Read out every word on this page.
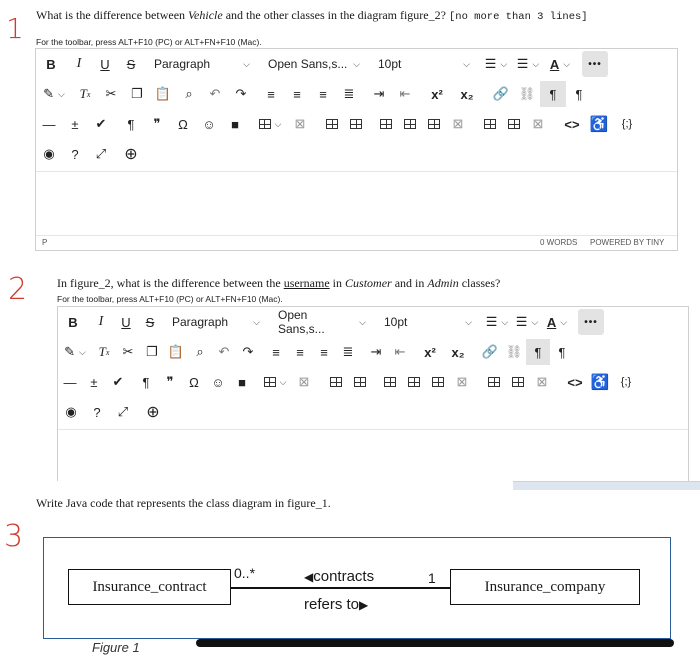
1 What is the difference between Vehicle and the other classes in the diagram figure_2? [no more than 3 lines]
For the toolbar, press ALT+F10 (PC) or ALT+FN+F10 (Mac).
B	I	U	S	Paragraph	⌵ Open Sans,s... ⌵ 10pt	⌵	☰ ⌵ ☰ ⌵ A ⌵	•••
✎ ⌵	T x	✂	❐ 📋	⌕	↶	↷	≡	≡	≡	≣	⇥	⇤	x²	x₂	🔗 ⛓	¶	¶
—	±	✔	¶	❞	Ω	☺	■	⌵	⊠	⊠	⊠	<> ♿	{;}
◉	?	⤢	⊕
P	0 WORDS POWERED BY TINY
2 In figure_2, what is the difference between the username in Customer and in Admin classes?
For the toolbar, press ALT+F10 (PC) or ALT+FN+F10 (Mac).
B	I	U	S	Paragraph	⌵ Open Sans,s...
⌵ 10pt	⌵ ☰ ⌵ ☰ ⌵ A ⌵	•••
✎ ⌵ T x	✂ ❐ 📋 ⌕	↶	↷	≡	≡	≡	≣	⇥	⇤	x²	x₂	🔗 ⛓ ¶	¶
—	±	✔	¶	❞	Ω ☺	■	⌵ ⊠	⊠	⊠	<> ♿	{;}
◉	?	⤢	⊕
Write Java code that represents the class diagram in figure_1.
3
Insurance_contract	Insurance_company
0..*	1
◀contracts
refers to▶
Figure 1
